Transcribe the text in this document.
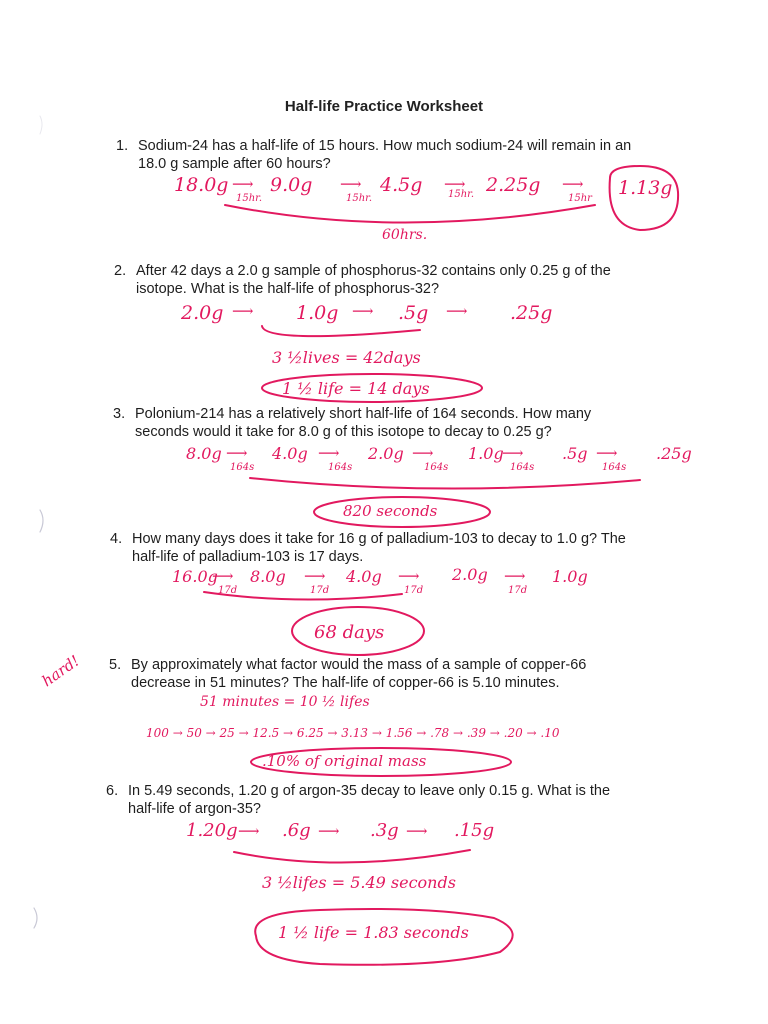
Half-life Practice Worksheet
1. Sodium-24 has a half-life of 15 hours. How much sodium-24 will remain in an
18.0 g sample after 60 hours?
2. After 42 days a 2.0 g sample of phosphorus-32 contains only 0.25 g of the
isotope. What is the half-life of phosphorus-32?
3. Polonium-214 has a relatively short half-life of 164 seconds. How many
seconds would it take for 8.0 g of this isotope to decay to 0.25 g?
4. How many days does it take for 16 g of palladium-103 to decay to 1.0 g? The
half-life of palladium-103 is 17 days.
5. By approximately what factor would the mass of a sample of copper-66
decrease in 51 minutes? The half-life of copper-66 is 5.10 minutes.
6. In 5.49 seconds, 1.20 g of argon-35 decay to leave only 0.15 g. What is the
half-life of argon-35?
18.0g ⟶
15hr.
9.0g ⟶
15hr.
4.5g ⟶
15hr. 2.25g ⟶
15hr 1.13g
60hrs.
2.0g ⟶ 1.0g ⟶ .5g ⟶ .25g
3 ½lives = 42days
1 ½ life = 14 days
8.0g ⟶
164s
4.0g ⟶
164s
2.0g ⟶
164s
1.0g
⟶
164s
.5g ⟶
164s
.25g
820 seconds
16.0g
⟶
17d
8.0g ⟶
17d
4.0g ⟶
17d
2.0g ⟶
17d
1.0g
68 days
hard!
51 minutes = 10 ½ lifes
100 → 50 → 25 → 12.5 → 6.25 → 3.13 → 1.56 → .78 → .39 → .20 → .10
.10% of original mass
1.20g ⟶ .6g ⟶ .3g ⟶ .15g
3 ½lifes = 5.49 seconds
1 ½ life = 1.83 seconds
